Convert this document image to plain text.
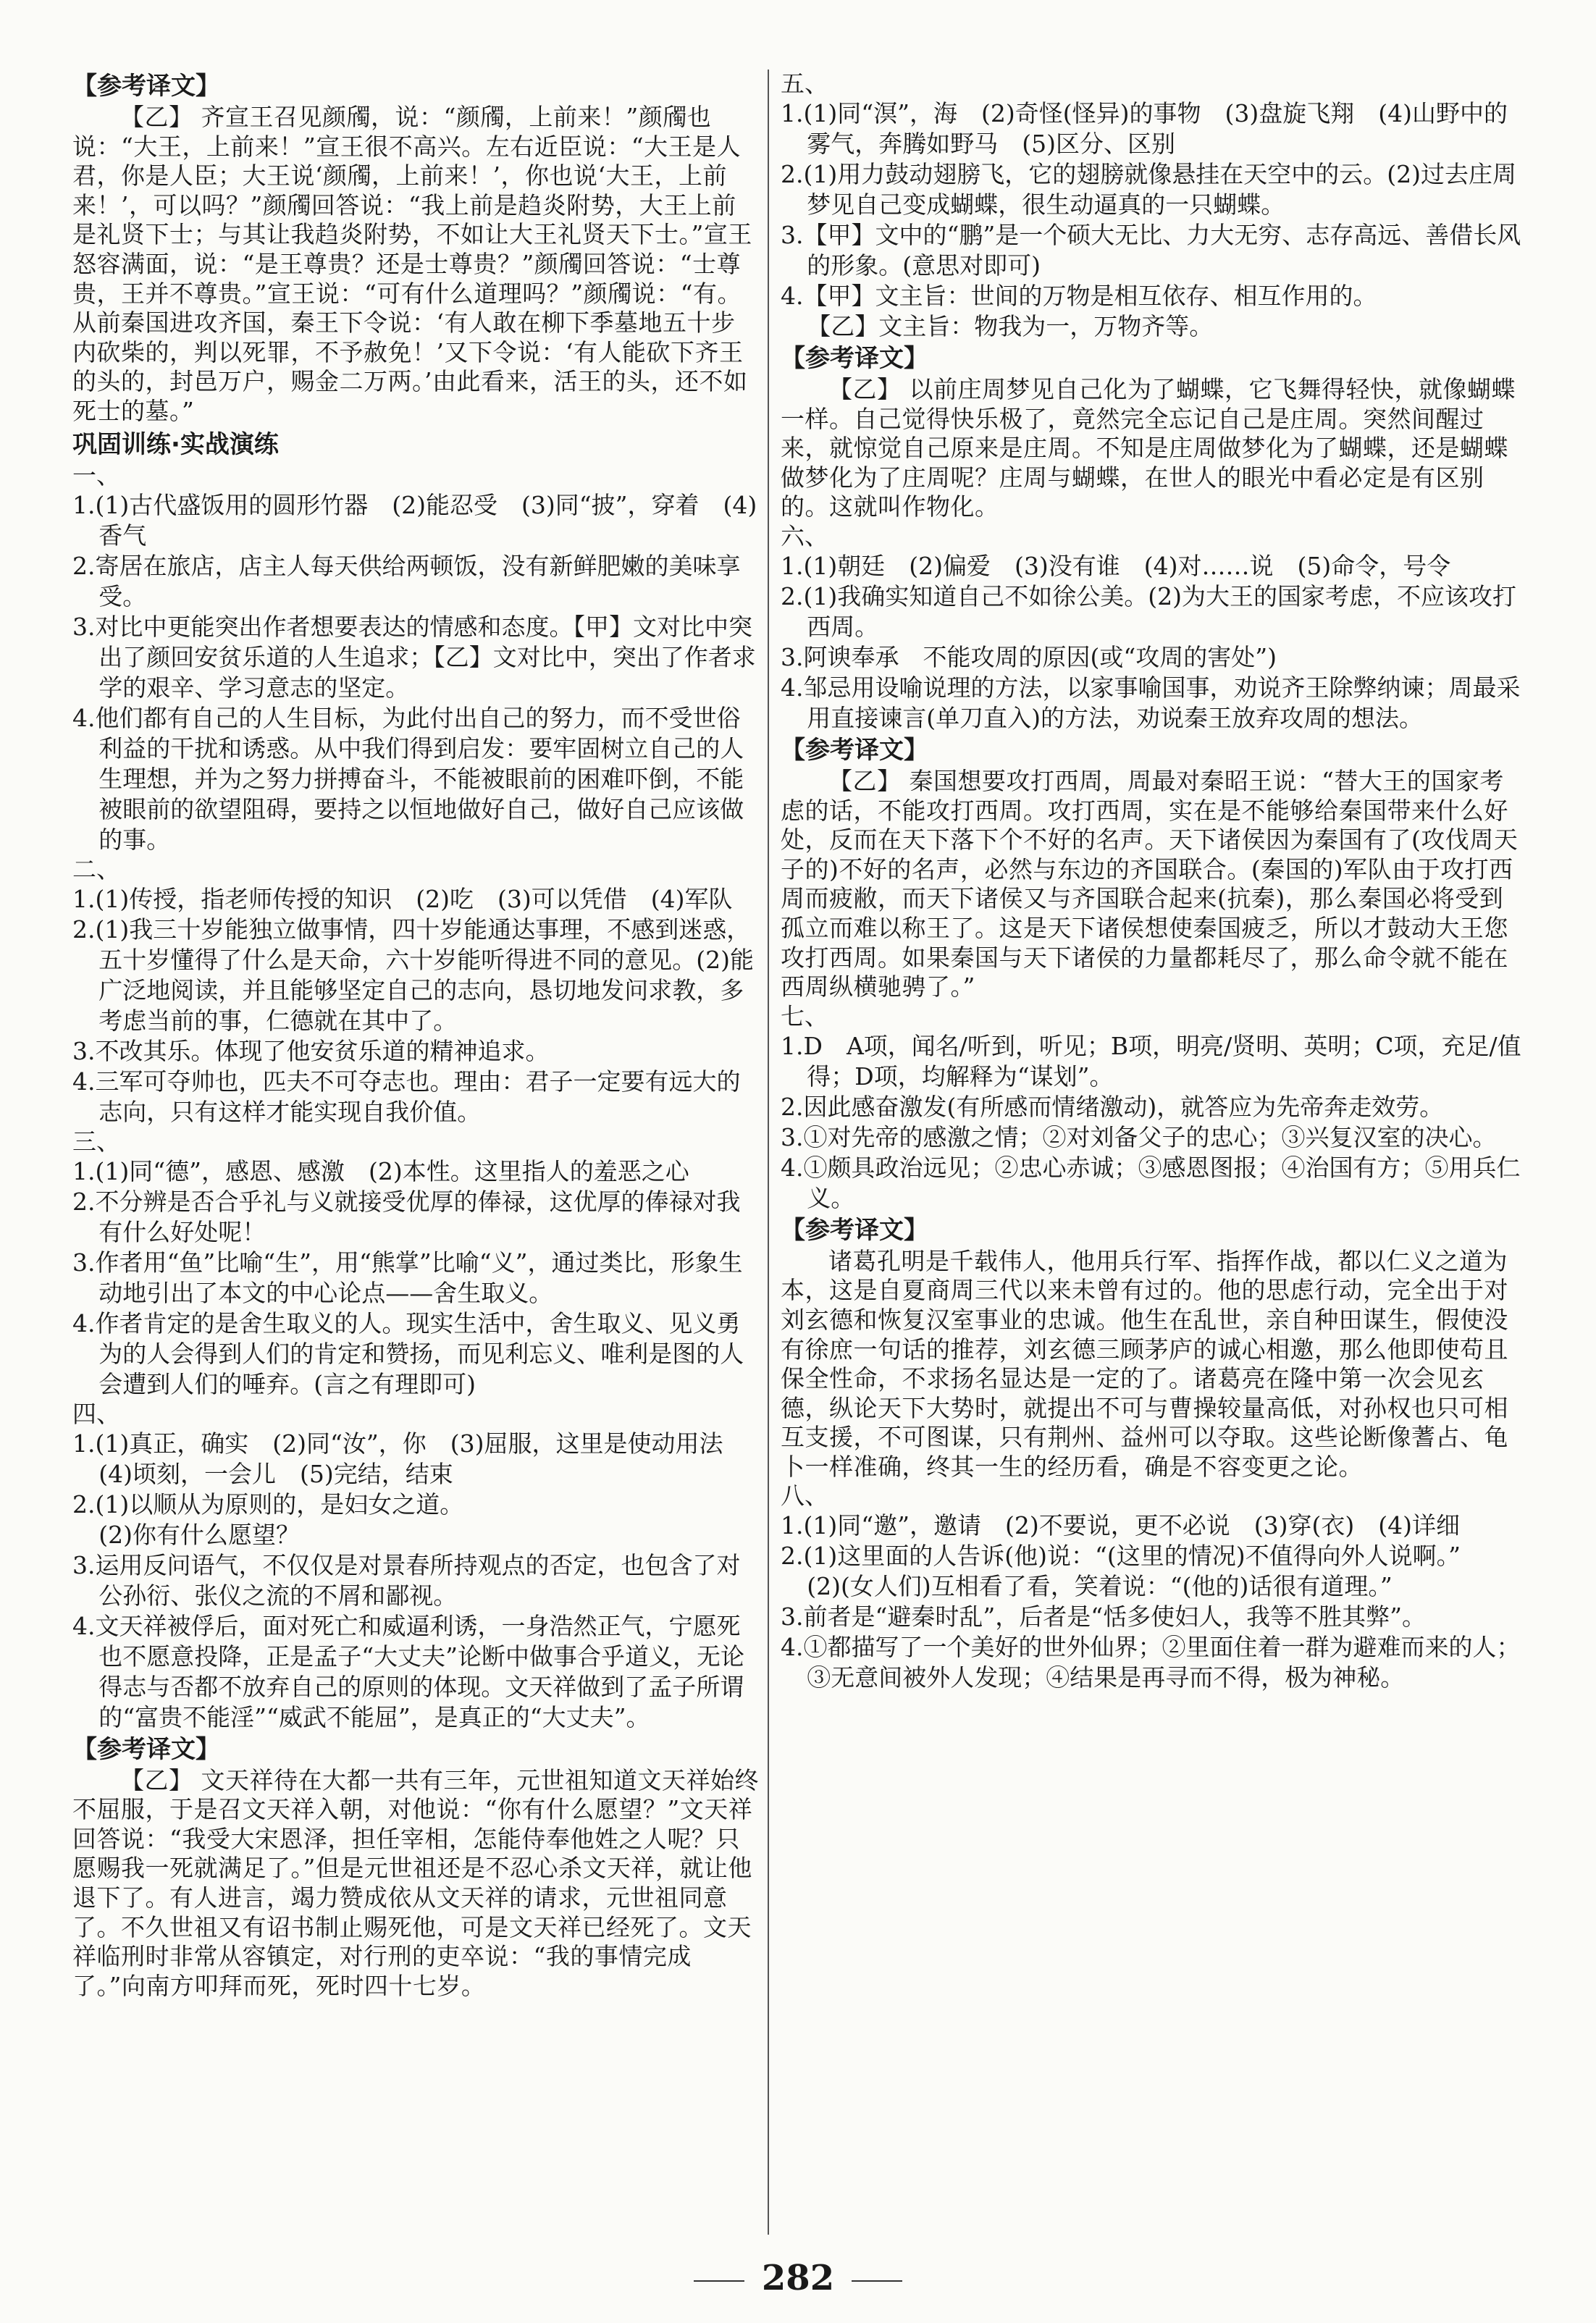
【参考译文】
【乙】 齐宣王召见颜斶，说：“颜斶，上前来！”颜斶也说：“大王，上前来！”宣王很不高兴。左右近臣说：“大王是人君，你是人臣；大王说‘颜斶，上前来！’，你也说‘大王，上前来！’，可以吗？”颜斶回答说：“我上前是趋炎附势，大王上前是礼贤下士；与其让我趋炎附势，不如让大王礼贤天下士。”宣王怒容满面，说：“是王尊贵？还是士尊贵？”颜斶回答说：“士尊贵，王并不尊贵。”宣王说：“可有什么道理吗？”颜斶说：“有。从前秦国进攻齐国，秦王下令说：‘有人敢在柳下季墓地五十步内砍柴的，判以死罪，不予赦免！’又下令说：‘有人能砍下齐王的头的，封邑万户，赐金二万两。’由此看来，活王的头，还不如死士的墓。”
巩固训练·实战演练
一、
1.(1)古代盛饭用的圆形竹器　(2)能忍受　(3)同“披”，穿着　(4)香气
2.寄居在旅店，店主人每天供给两顿饭，没有新鲜肥嫩的美味享受。
3.对比中更能突出作者想要表达的情感和态度。【甲】文对比中突出了颜回安贫乐道的人生追求；【乙】文对比中，突出了作者求学的艰辛、学习意志的坚定。
4.他们都有自己的人生目标，为此付出自己的努力，而不受世俗利益的干扰和诱惑。从中我们得到启发：要牢固树立自己的人生理想，并为之努力拼搏奋斗，不能被眼前的困难吓倒，不能被眼前的欲望阻碍，要持之以恒地做好自己，做好自己应该做的事。
二、
1.(1)传授，指老师传授的知识　(2)吃　(3)可以凭借　(4)军队
2.(1)我三十岁能独立做事情，四十岁能通达事理，不感到迷惑，五十岁懂得了什么是天命，六十岁能听得进不同的意见。(2)能广泛地阅读，并且能够坚定自己的志向，恳切地发问求教，多考虑当前的事，仁德就在其中了。
3.不改其乐。体现了他安贫乐道的精神追求。
4.三军可夺帅也，匹夫不可夺志也。理由：君子一定要有远大的志向，只有这样才能实现自我价值。
三、
1.(1)同“德”，感恩、感激　(2)本性。这里指人的羞恶之心
2.不分辨是否合乎礼与义就接受优厚的俸禄，这优厚的俸禄对我有什么好处呢！
3.作者用“鱼”比喻“生”，用“熊掌”比喻“义”，通过类比，形象生动地引出了本文的中心论点——舍生取义。
4.作者肯定的是舍生取义的人。现实生活中，舍生取义、见义勇为的人会得到人们的肯定和赞扬，而见利忘义、唯利是图的人会遭到人们的唾弃。(言之有理即可)
四、
1.(1)真正，确实　(2)同“汝”，你　(3)屈服，这里是使动用法　(4)顷刻，一会儿　(5)完结，结束
2.(1)以顺从为原则的，是妇女之道。
(2)你有什么愿望？
3.运用反问语气，不仅仅是对景春所持观点的否定，也包含了对公孙衍、张仪之流的不屑和鄙视。
4.文天祥被俘后，面对死亡和威逼利诱，一身浩然正气，宁愿死也不愿意投降，正是孟子“大丈夫”论断中做事合乎道义，无论得志与否都不放弃自己的原则的体现。文天祥做到了孟子所谓的“富贵不能淫”“威武不能屈”，是真正的“大丈夫”。
【参考译文】
【乙】 文天祥待在大都一共有三年，元世祖知道文天祥始终不屈服，于是召文天祥入朝，对他说：“你有什么愿望？”文天祥回答说：“我受大宋恩泽，担任宰相，怎能侍奉他姓之人呢？只愿赐我一死就满足了。”但是元世祖还是不忍心杀文天祥，就让他退下了。有人进言，竭力赞成依从文天祥的请求，元世祖同意了。不久世祖又有诏书制止赐死他，可是文天祥已经死了。文天祥临刑时非常从容镇定，对行刑的吏卒说：“我的事情完成了。”向南方叩拜而死，死时四十七岁。
五、
1.(1)同“溟”，海　(2)奇怪(怪异)的事物　(3)盘旋飞翔　(4)山野中的雾气，奔腾如野马　(5)区分、区别
2.(1)用力鼓动翅膀飞，它的翅膀就像悬挂在天空中的云。(2)过去庄周梦见自己变成蝴蝶，很生动逼真的一只蝴蝶。
3.【甲】文中的“鹏”是一个硕大无比、力大无穷、志存高远、善借长风的形象。(意思对即可)
4.【甲】文主旨：世间的万物是相互依存、相互作用的。
【乙】文主旨：物我为一，万物齐等。
【参考译文】
【乙】 以前庄周梦见自己化为了蝴蝶，它飞舞得轻快，就像蝴蝶一样。自己觉得快乐极了，竟然完全忘记自己是庄周。突然间醒过来，就惊觉自己原来是庄周。不知是庄周做梦化为了蝴蝶，还是蝴蝶做梦化为了庄周呢？庄周与蝴蝶，在世人的眼光中看必定是有区别的。这就叫作物化。
六、
1.(1)朝廷　(2)偏爱　(3)没有谁　(4)对……说　(5)命令，号令
2.(1)我确实知道自己不如徐公美。(2)为大王的国家考虑，不应该攻打西周。
3.阿谀奉承　不能攻周的原因(或“攻周的害处”)
4.邹忌用设喻说理的方法，以家事喻国事，劝说齐王除弊纳谏；周最采用直接谏言(单刀直入)的方法，劝说秦王放弃攻周的想法。
【参考译文】
【乙】 秦国想要攻打西周，周最对秦昭王说：“替大王的国家考虑的话，不能攻打西周。攻打西周，实在是不能够给秦国带来什么好处，反而在天下落下个不好的名声。天下诸侯因为秦国有了(攻伐周天子的)不好的名声，必然与东边的齐国联合。(秦国的)军队由于攻打西周而疲敝，而天下诸侯又与齐国联合起来(抗秦)，那么秦国必将受到孤立而难以称王了。这是天下诸侯想使秦国疲乏，所以才鼓动大王您攻打西周。如果秦国与天下诸侯的力量都耗尽了，那么命令就不能在西周纵横驰骋了。”
七、
1.D　A项，闻名/听到，听见；B项，明亮/贤明、英明；C项，充足/值得；D项，均解释为“谋划”。
2.因此感奋激发(有所感而情绪激动)，就答应为先帝奔走效劳。
3.①对先帝的感激之情；②对刘备父子的忠心；③兴复汉室的决心。
4.①颇具政治远见；②忠心赤诚；③感恩图报；④治国有方；⑤用兵仁义。
【参考译文】
诸葛孔明是千载伟人，他用兵行军、指挥作战，都以仁义之道为本，这是自夏商周三代以来未曾有过的。他的思虑行动，完全出于对刘玄德和恢复汉室事业的忠诚。他生在乱世，亲自种田谋生，假使没有徐庶一句话的推荐，刘玄德三顾茅庐的诚心相邀，那么他即使苟且保全性命，不求扬名显达是一定的了。诸葛亮在隆中第一次会见玄德，纵论天下大势时，就提出不可与曹操较量高低，对孙权也只可相互支援，不可图谋，只有荆州、益州可以夺取。这些论断像蓍占、龟卜一样准确，终其一生的经历看，确是不容变更之论。
八、
1.(1)同“邀”，邀请　(2)不要说，更不必说　(3)穿(衣)　(4)详细
2.(1)这里面的人告诉(他)说：“(这里的情况)不值得向外人说啊。”
(2)(女人们)互相看了看，笑着说：“(他的)话很有道理。”
3.前者是“避秦时乱”，后者是“恬多使妇人，我等不胜其弊”。
4.①都描写了一个美好的世外仙界；②里面住着一群为避难而来的人；③无意间被外人发现；④结果是再寻而不得，极为神秘。
282
